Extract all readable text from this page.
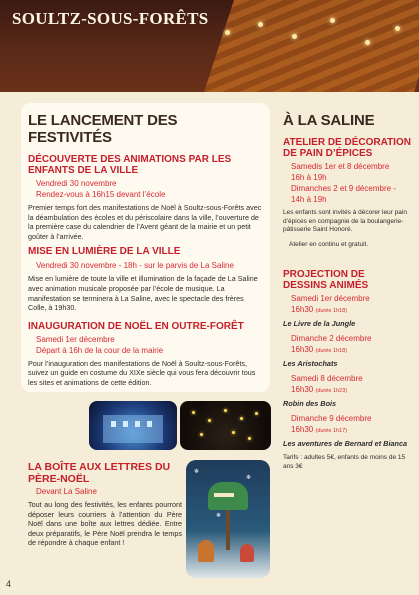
SOULTZ-SOUS-FORÊTS
LE LANCEMENT DES FESTIVITÉS
DÉCOUVERTE DES ANIMATIONS PAR LES ENFANTS DE LA VILLE
Vendredi 30 novembre
Rendez-vous à 16h15 devant l’école

Premier temps fort des manifestations de Noël à Soultz-sous-Forêts avec la déambulation des écoles et du périscolaire dans la ville, l’ouverture de la première case du calendrier de l’Avent géant de la mairie et un petit goûter à l’arrivée.

MISE EN LUMIÈRE DE LA VILLE
Vendredi 30 novembre - 18h - sur le parvis de La Saline

Mise en lumière de toute la ville et illumination de la façade de La Saline avec animation musicale proposée par l’école de musique. La manifestation se terminera à La Saline, avec le spectacle des frères Colle, à 19h30.

INAUGURATION DE NOËL EN OUTRE-FORÊT
Samedi 1er décembre
Départ à 16h de la cour de la mairie

Pour l’inauguration des manifestations de Noël à Soultz-sous-Forêts, suivez un guide en costume du XIXe siècle qui vous fera découvrir tous les sites et animations de cette édition.

LA BOÎTE AUX LETTRES DU PÈRE-NOËL
Devant La Saline

Tout au long des festivités, les enfants pourront déposer leurs courriers à l’attention du Père Noël dans une boîte aux lettres dédiée. Entre deux préparatifs, le Père Noël prendra le temps de répondre à chaque enfant !

❄
❄
❄
À LA SALINE
ATELIER DE DÉCORATION DE PAIN D’ÉPICES
Samedis 1er et 8 décembre
16h à 19h
Dimanches 2 et 9 décembre - 14h à 19h
Les enfants sont invités à décorer leur pain d’épices en compagnie de la boulangerie-pâtisserie Saint Honoré.
Atelier en continu et gratuit.
PROJECTION DE DESSINS ANIMÉS
Samedi 1er décembre
16h30 (durée 1h18)
Le Livre de la Jungle
Dimanche 2 décembre
16h30 (durée 1h18)
Les Aristochats
Samedi 8 décembre
16h30 (durée 1h23)
Robin des Bois
Dimanche 9 décembre
16h30 (durée 1h17)
Les aventures de Bernard et Bianca
Tarifs : adultes 5€, enfants de moins de 15 ans 3€
4
